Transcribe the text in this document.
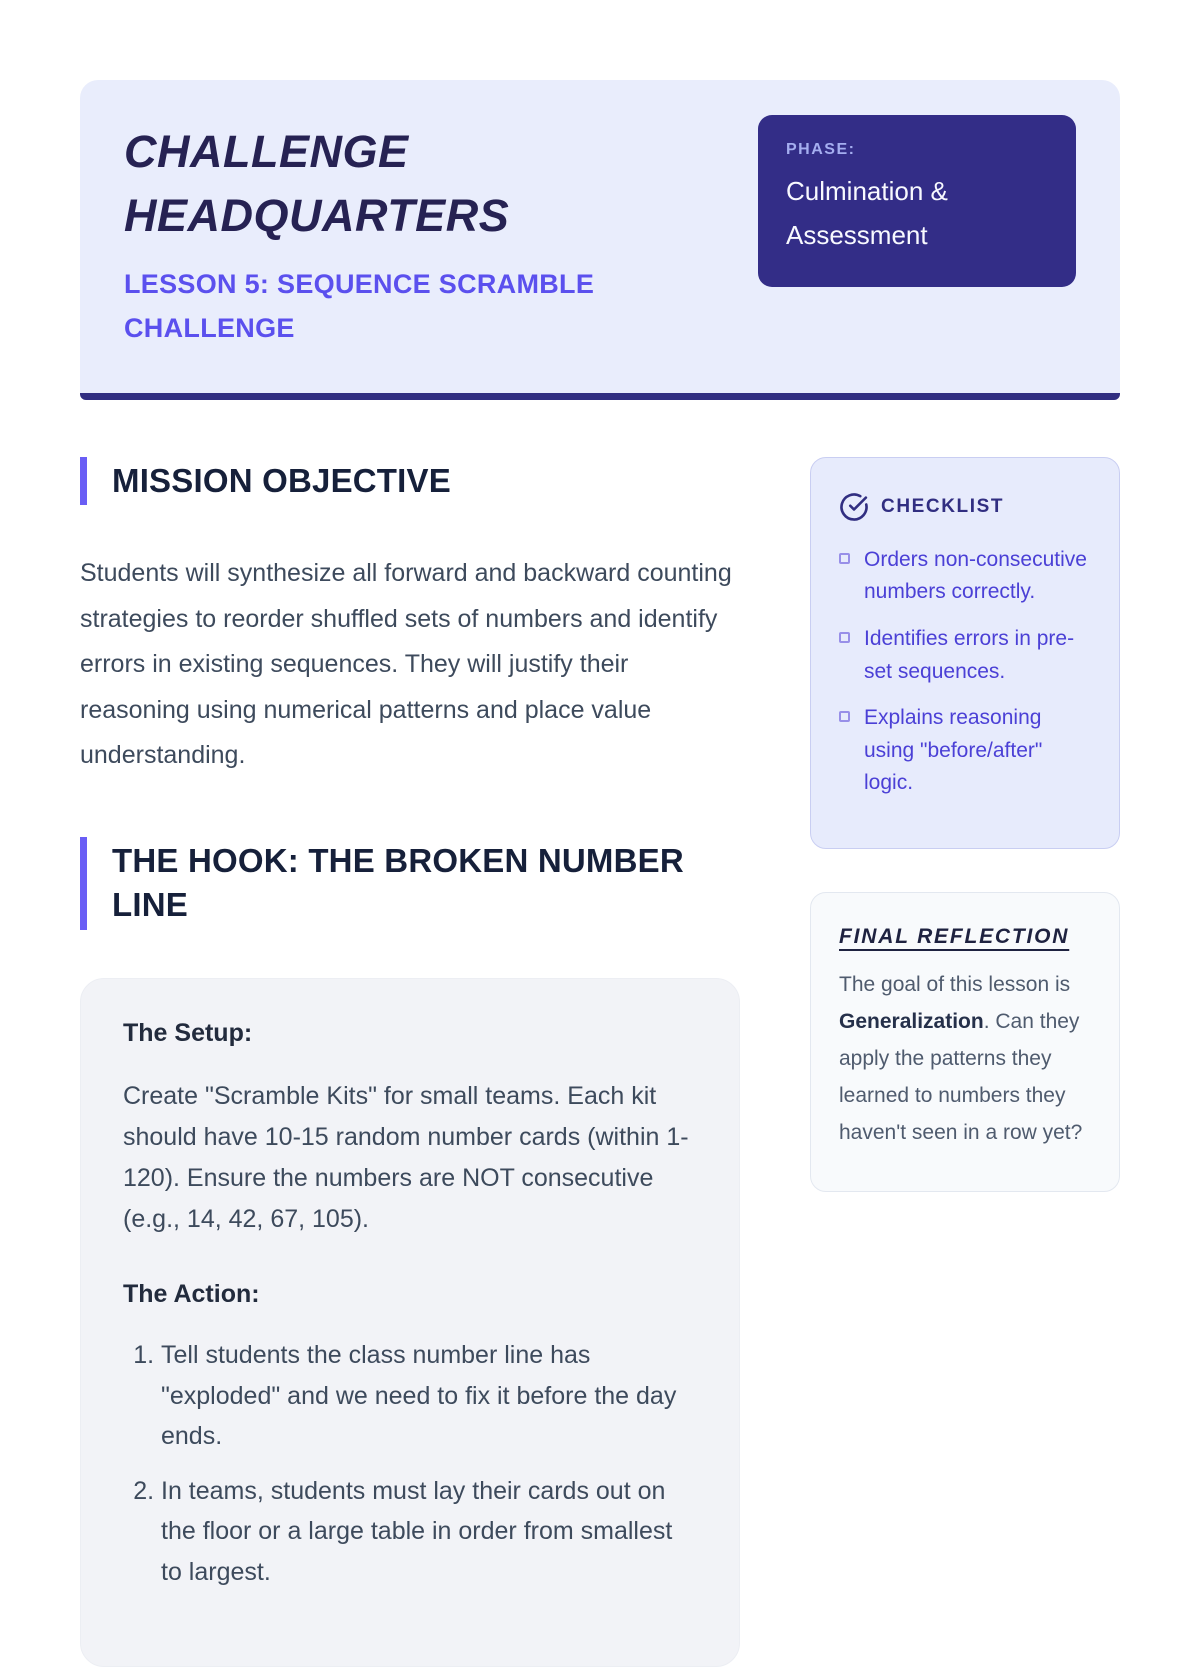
CHALLENGE HEADQUARTERS
LESSON 5: SEQUENCE SCRAMBLE CHALLENGE
PHASE:
Culmination & Assessment
MISSION OBJECTIVE

Students will synthesize all forward and backward counting strategies to reorder shuffled sets of numbers and identify errors in existing sequences. They will justify their reasoning using numerical patterns and place value understanding.

THE HOOK: THE BROKEN NUMBER LINE

The Setup:

Create "Scramble Kits" for small teams. Each kit should have 10-15 random number cards (within 1-120). Ensure the numbers are NOT consecutive (e.g., 14, 42, 67, 105).

The Action:

1. Tell students the class number line has "exploded" and we need to fix it before the day ends.
2. In teams, students must lay their cards out on the floor or a large table in order from smallest to largest.
CHECKLIST
Orders non-consecutive numbers correctly.
Identifies errors in pre-set sequences.
Explains reasoning using "before/after" logic.
FINAL REFLECTION

The goal of this lesson is Generalization. Can they apply the patterns they learned to numbers they haven't seen in a row yet?
